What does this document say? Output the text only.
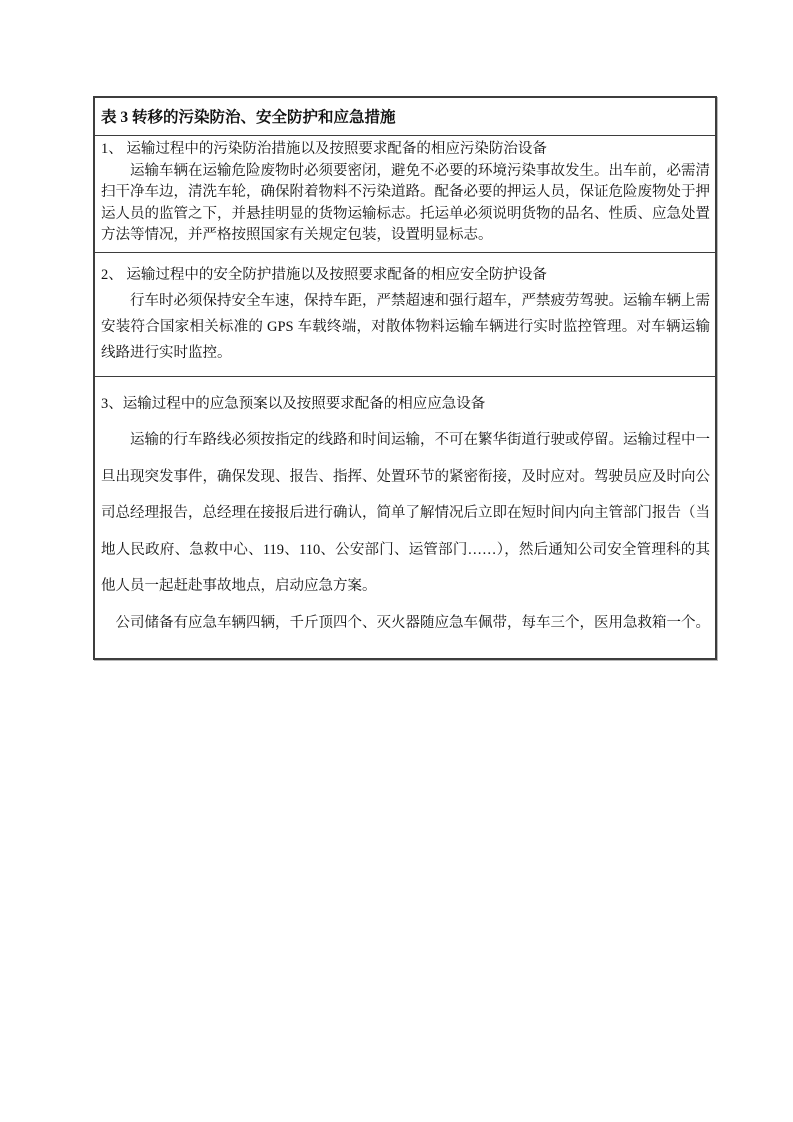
表 3 转移的污染防治、安全防护和应急措施
1、 运输过程中的污染防治措施以及按照要求配备的相应污染防治设备

运输车辆在运输危险废物时必须要密闭，避免不必要的环境污染事故发生。出车前，必需清扫干净车边，清洗车轮，确保附着物料不污染道路。配备必要的押运人员，保证危险废物处于押运人员的监管之下，并悬挂明显的货物运输标志。托运单必须说明货物的品名、性质、应急处置方法等情况，并严格按照国家有关规定包装，设置明显标志。

2、 运输过程中的安全防护措施以及按照要求配备的相应安全防护设备

行车时必须保持安全车速，保持车距，严禁超速和强行超车，严禁疲劳驾驶。运输车辆上需安装符合国家相关标准的 GPS 车载终端，对散体物料运输车辆进行实时监控管理。对车辆运输线路进行实时监控。

3、运输过程中的应急预案以及按照要求配备的相应应急设备

运输的行车路线必须按指定的线路和时间运输，不可在繁华街道行驶或停留。运输过程中一旦出现突发事件，确保发现、报告、指挥、处置环节的紧密衔接，及时应对。驾驶员应及时向公司总经理报告，总经理在接报后进行确认，简单了解情况后立即在短时间内向主管部门报告（当地人民政府、急救中心、119、110、公安部门、运管部门……），然后通知公司安全管理科的其他人员一起赶赴事故地点，启动应急方案。

公司储备有应急车辆四辆，千斤顶四个、灭火器随应急车佩带，每车三个，医用急救箱一个。
